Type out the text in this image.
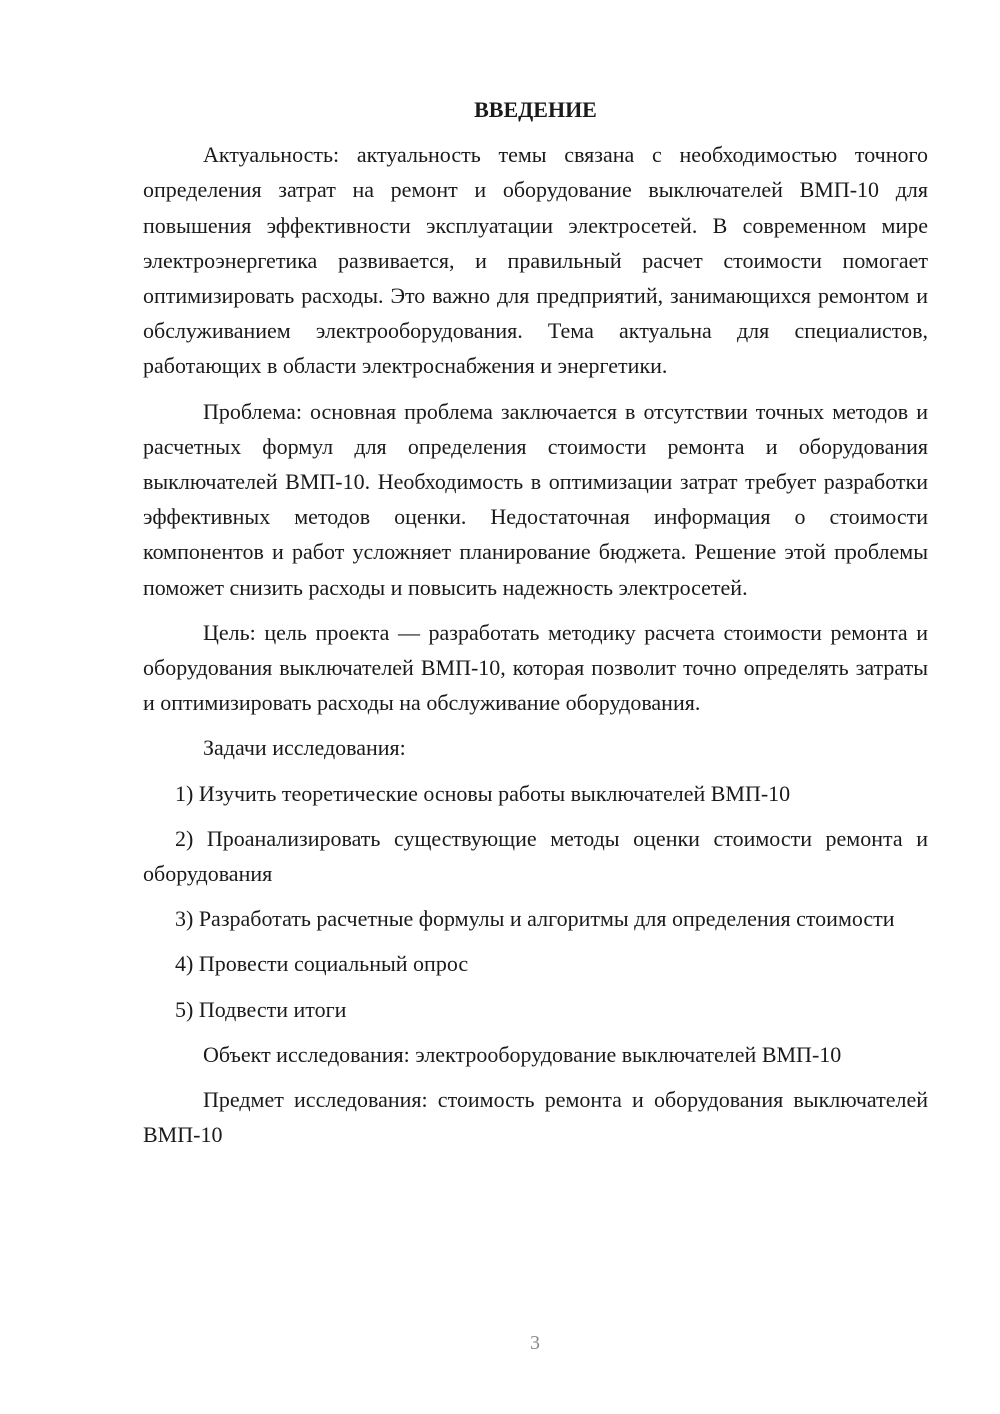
ВВЕДЕНИЕ

Актуальность: актуальность темы связана с необходимостью точного определения затрат на ремонт и оборудование выключателей ВМП-10 для повышения эффективности эксплуатации электросетей. В современном мире электроэнергетика развивается, и правильный расчет стоимости помогает оптимизировать расходы. Это важно для предприятий, занимающихся ремонтом и обслуживанием электрооборудования. Тема актуальна для специалистов, работающих в области электроснабжения и энергетики.

Проблема: основная проблема заключается в отсутствии точных методов и расчетных формул для определения стоимости ремонта и оборудования выключателей ВМП-10. Необходимость в оптимизации затрат требует разработки эффективных методов оценки. Недостаточная информация о стоимости компонентов и работ усложняет планирование бюджета. Решение этой проблемы поможет снизить расходы и повысить надежность электросетей.

Цель: цель проекта — разработать методику расчета стоимости ремонта и оборудования выключателей ВМП-10, которая позволит точно определять затраты и оптимизировать расходы на обслуживание оборудования.

Задачи исследования:

1) Изучить теоретические основы работы выключателей ВМП-10

2) Проанализировать существующие методы оценки стоимости ремонта и оборудования

3) Разработать расчетные формулы и алгоритмы для определения стоимости

4) Провести социальный опрос

5) Подвести итоги

Объект исследования: электрооборудование выключателей ВМП-10

Предмет исследования: стоимость ремонта и оборудования выключателей ВМП-10

3
